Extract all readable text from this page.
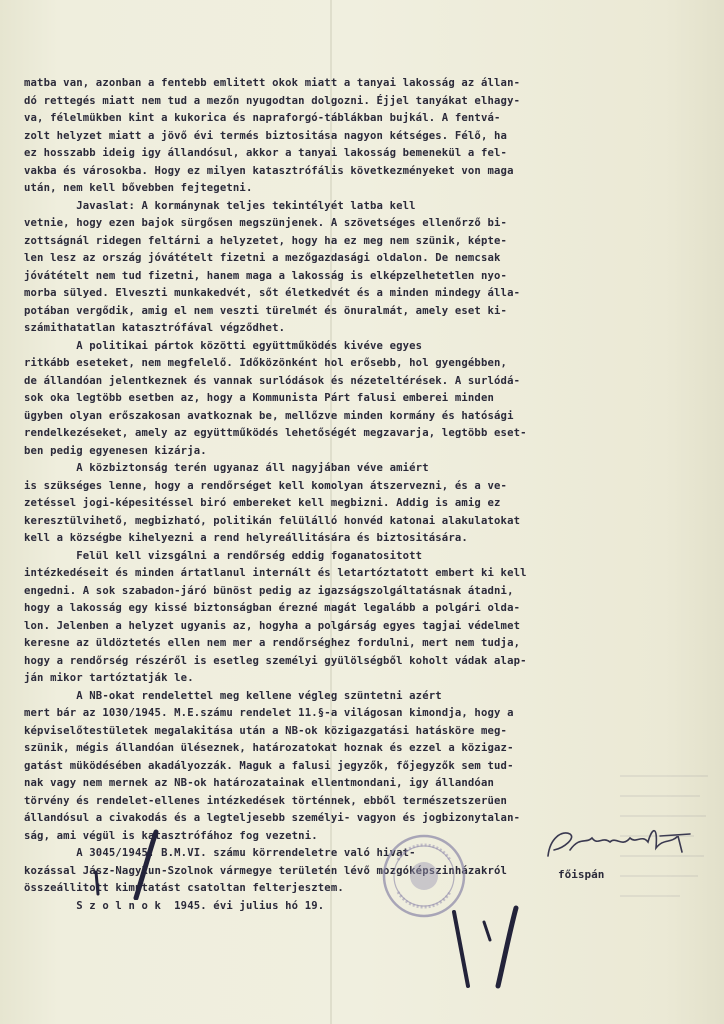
matba van, azonban a fentebb emlitett okok miatt a tanyai lakosság az állan-
dó rettegés miatt nem tud a mezőn nyugodtan dolgozni. Éjjel tanyákat elhagy-
va, félelmükben kint a kukorica és napraforgó-táblákban bujkál. A fentvá-
zolt helyzet miatt a jövő évi termés biztositása nagyon kétséges. Félő, ha
ez hosszabb ideig igy állandósul, akkor a tanyai lakosság bemenekül a fel-
vakba és városokba. Hogy ez milyen katasztrófális következményeket von maga
után, nem kell bővebben fejtegetni.
Javaslat: A kormánynak teljes tekintélyét latba kell
vetnie, hogy ezen bajok sürgősen megszünjenek. A szövetséges ellenőrző bi-
zottságnál ridegen feltárni a helyzetet, hogy ha ez meg nem szünik, képte-
len lesz az ország jóvátételt fizetni a mezőgazdasági oldalon. De nemcsak
jóvátételt nem tud fizetni, hanem maga a lakosság is elképzelhetetlen nyo-
morba sülyed. Elveszti munkakedvét, sőt életkedvét és a minden mindegy álla-
potában vergődik, amig el nem veszti türelmét és önuralmát, amely eset ki-
számithatatlan katasztrófával végződhet.
A politikai pártok közötti együttműködés kivéve egyes
ritkább eseteket, nem megfelelő. Időközönként hol erősebb, hol gyengébben,
de állandóan jelentkeznek és vannak surlódások és nézeteltérések. A surlódá-
sok oka legtöbb esetben az, hogy a Kommunista Párt falusi emberei minden
ügyben olyan erőszakosan avatkoznak be, mellőzve minden kormány és hatósági
rendelkezéseket, amely az együttműködés lehetőségét megzavarja, legtöbb eset-
ben pedig egyenesen kizárja.
A közbiztonság terén ugyanaz áll nagyjában véve amiért
is szükséges lenne, hogy a rendőrséget kell komolyan átszervezni, és a ve-
zetéssel jogi-képesitéssel biró embereket kell megbizni. Addig is amig ez
keresztülvihető, megbizható, politikán felülálló honvéd katonai alakulatokat
kell a községbe kihelyezni a rend helyreállitására és biztositására.
Felül kell vizsgálni a rendőrség eddig foganatositott
intézkedéseit és minden ártatlanul internált és letartóztatott embert ki kell
engedni. A sok szabadon-járó bünöst pedig az igazságszolgáltatásnak átadni,
hogy a lakosság egy kissé biztonságban érezné magát legalább a polgári olda-
lon. Jelenben a helyzet ugyanis az, hogyha a polgárság egyes tagjai védelmet
keresne az üldöztetés ellen nem mer a rendőrséghez fordulni, mert nem tudja,
hogy a rendőrség részéről is esetleg személyi gyülölségből koholt vádak alap-
ján mikor tartóztatják le.
A NB-okat rendelettel meg kellene végleg szüntetni azért
mert bár az 1030/1945. M.E.számu rendelet 11.§-a világosan kimondja, hogy a
képviselőtestületek megalakitása után a NB-ok közigazgatási hatásköre meg-
szünik, mégis állandóan üléseznek, határozatokat hoznak és ezzel a közigaz-
gatást müködésében akadályozzák. Maguk a falusi jegyzők, főjegyzők sem tud-
nak vagy nem mernek az NB-ok határozatainak ellentmondani, igy állandóan
törvény és rendelet-ellenes intézkedések történnek, ebből természetszerüen
állandósul a civakodás és a legteljesebb személyi- vagyon és jogbizonytalan-
ság, ami végül is katasztrófához fog vezetni.
A 3045/1945. B.M.VI. számu körrendeletre való hivat-
kozással Jász-Nagykun-Szolnok vármegye területén lévő mozgóképszinházakról
összeállitott kimutatást csatoltan felterjesztem.
S z o l n o k  1945. évi julius hó 19.
főispán
